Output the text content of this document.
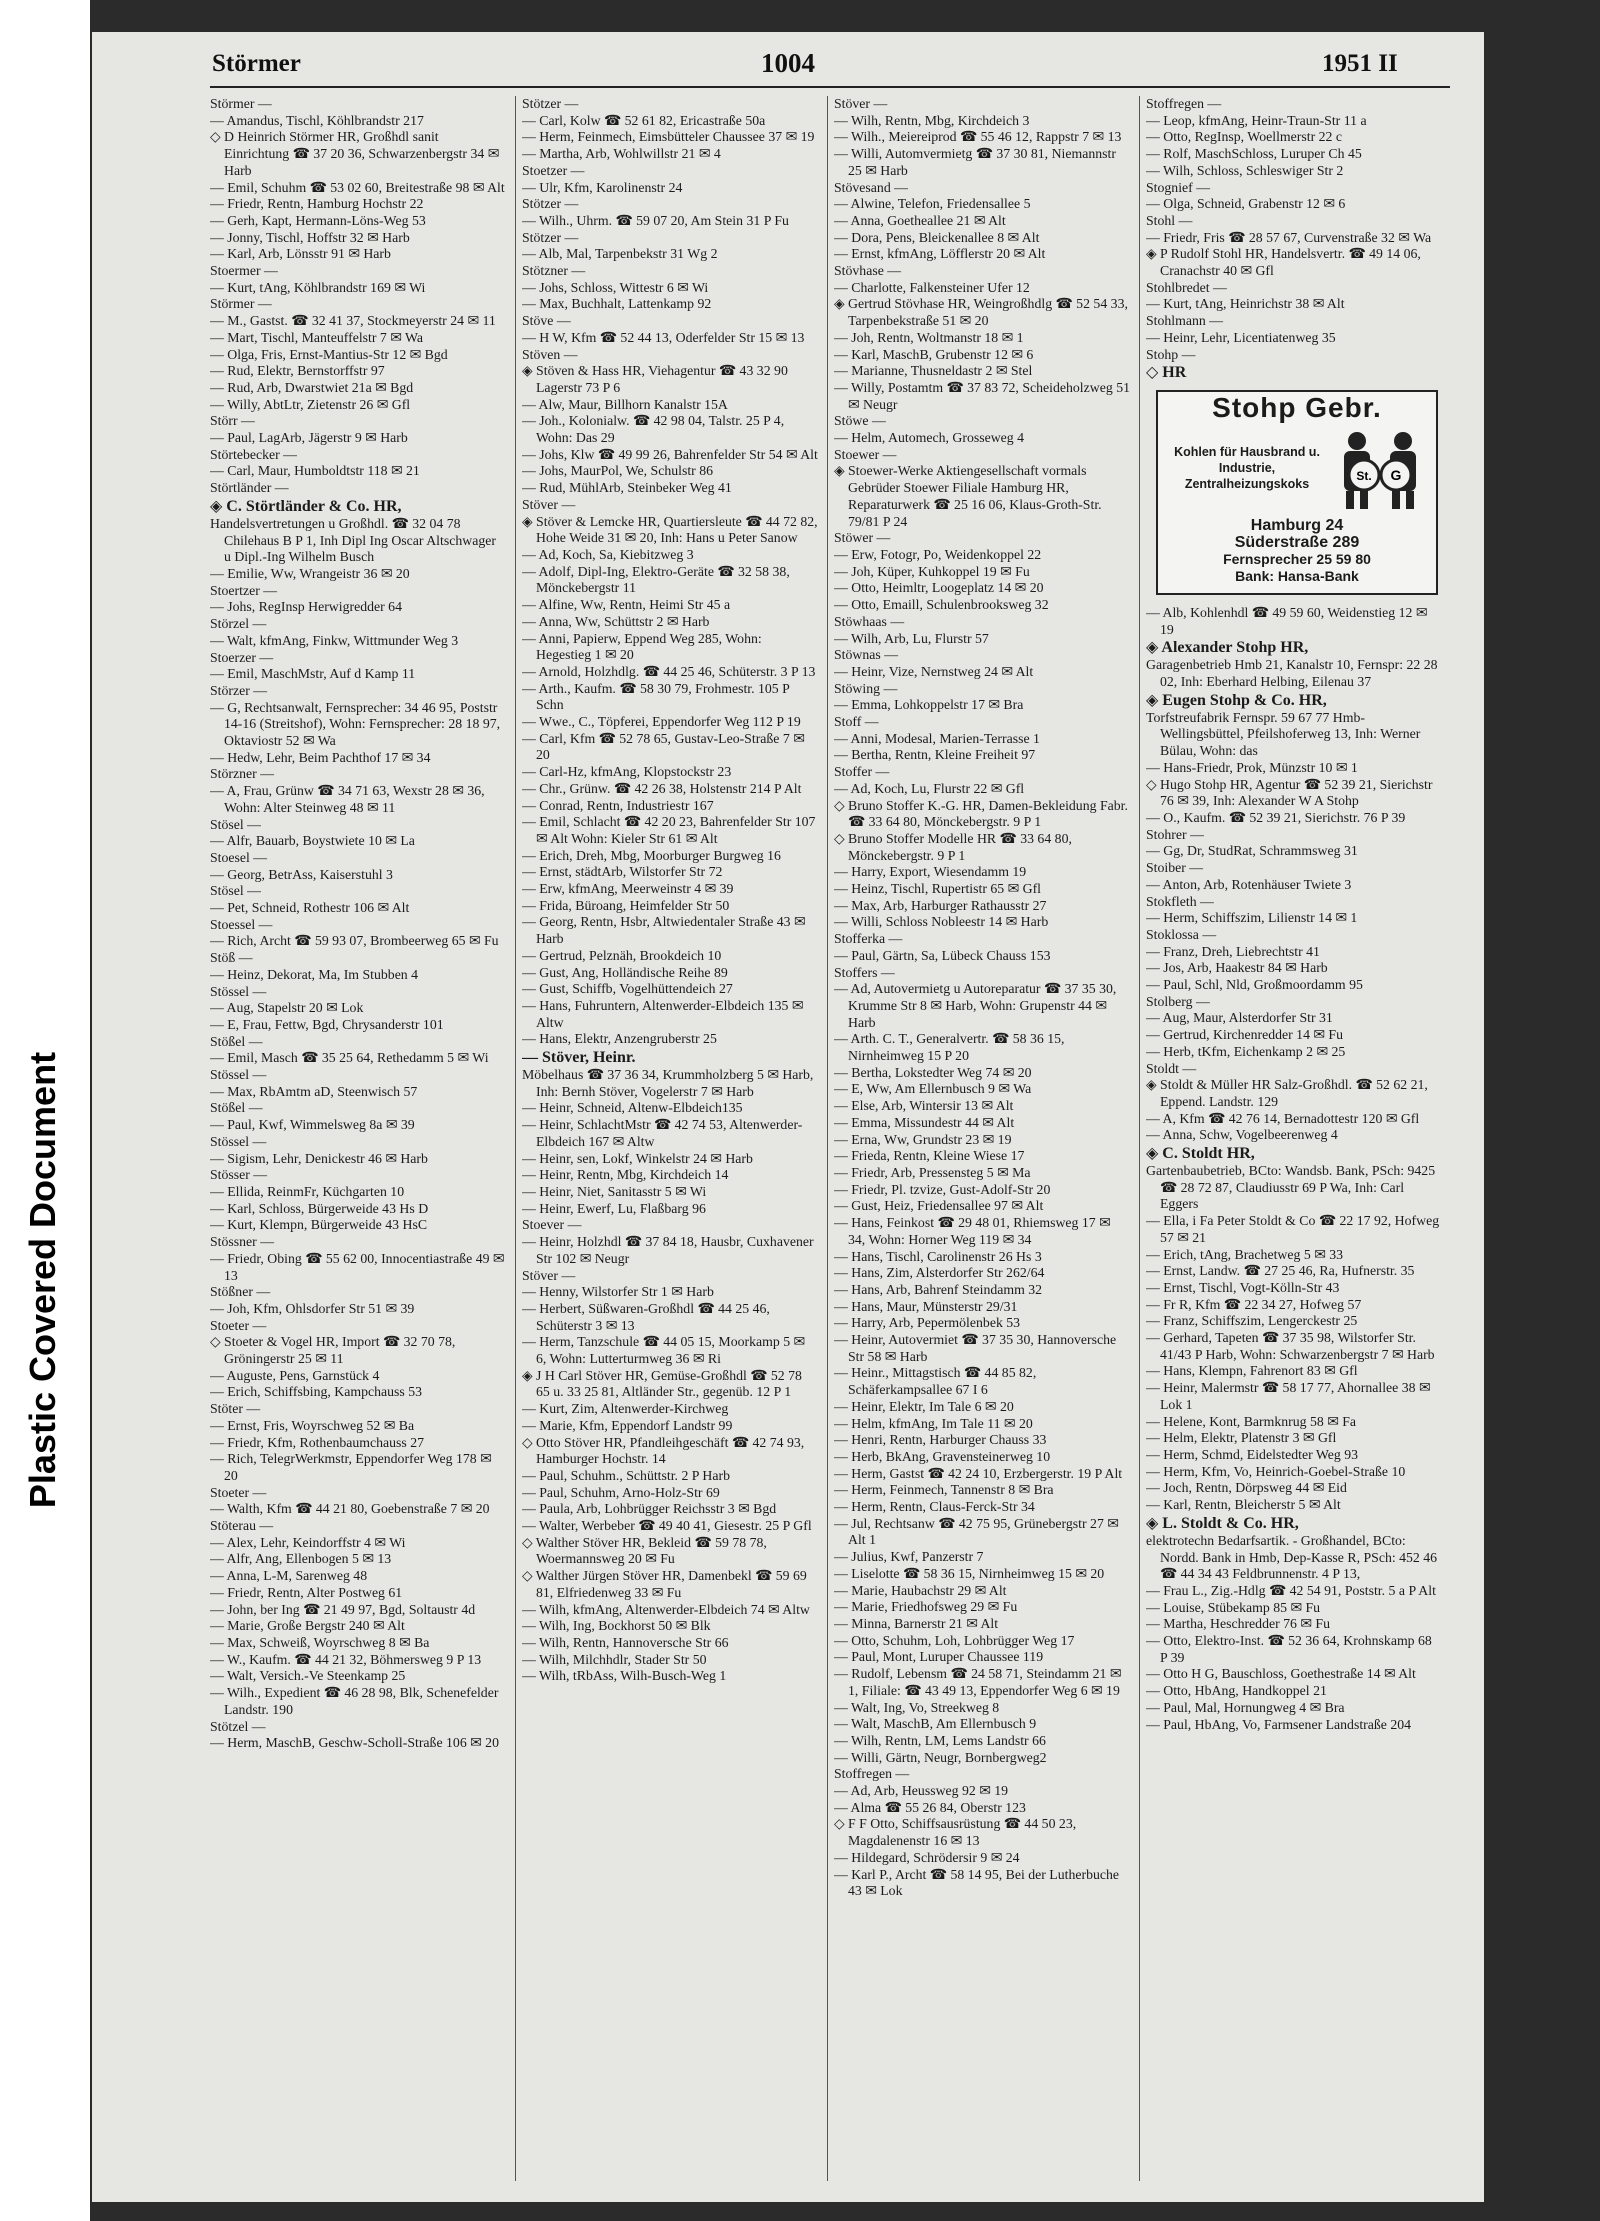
Plastic Covered Document
Störmer	1004	1951 II
Störmer —
— Amandus, Tischl, Köhlbrandstr 217
◇ D Heinrich Störmer HR, Großhdl sanit Einrichtung ☎ 37 20 36, Schwarzenbergstr 34 ✉ Harb
— Emil, Schuhm ☎ 53 02 60, Breitestraße 98 ✉ Alt
— Friedr, Rentn, Hamburg Hochstr 22
— Gerh, Kapt, Hermann-Löns-Weg 53
— Jonny, Tischl, Hoffstr 32 ✉ Harb
— Karl, Arb, Lönsstr 91 ✉ Harb
Stoermer —
— Kurt, tAng, Köhlbrandstr 169 ✉ Wi
Störmer —
— M., Gastst. ☎ 32 41 37, Stockmeyerstr 24 ✉ 11
— Mart, Tischl, Manteuffelstr 7 ✉ Wa
— Olga, Fris, Ernst-Mantius-Str 12 ✉ Bgd
— Rud, Elektr, Bernstorffstr 97
— Rud, Arb, Dwarstwiet 21a ✉ Bgd
— Willy, AbtLtr, Zietenstr 26 ✉ Gfl
Störr —
— Paul, LagArb, Jägerstr 9 ✉ Harb
Störtebecker —
— Carl, Maur, Humboldtstr 118 ✉ 21
Störtländer —
◈ C. Störtländer & Co. HR,
Handelsvertretungen u Großhdl. ☎ 32 04 78 Chilehaus B P 1, Inh Dipl Ing Oscar Altschwager u Dipl.-Ing Wilhelm Busch
— Emilie, Ww, Wrangeistr 36 ✉ 20
Stoertzer —
— Johs, RegInsp Herwigredder 64
Störzel —
— Walt, kfmAng, Finkw, Wittmunder Weg 3
Stoerzer —
— Emil, MaschMstr, Auf d Kamp 11
Störzer —
— G, Rechtsanwalt, Fernsprecher: 34 46 95, Poststr 14-16 (Streitshof), Wohn: Fernsprecher: 28 18 97, Oktaviostr 52 ✉ Wa
— Hedw, Lehr, Beim Pachthof 17 ✉ 34
Störzner —
— A, Frau, Grünw ☎ 34 71 63, Wexstr 28 ✉ 36, Wohn: Alter Steinweg 48 ✉ 11
Stösel —
— Alfr, Bauarb, Boystwiete 10 ✉ La
Stoesel —
— Georg, BetrAss, Kaiserstuhl 3
Stösel —
— Pet, Schneid, Rothestr 106 ✉ Alt
Stoessel —
— Rich, Archt ☎ 59 93 07, Brombeerweg 65 ✉ Fu
Stöß —
— Heinz, Dekorat, Ma, Im Stubben 4
Stössel —
— Aug, Stapelstr 20 ✉ Lok
— E, Frau, Fettw, Bgd, Chrysanderstr 101
Stößel —
— Emil, Masch ☎ 35 25 64, Rethedamm 5 ✉ Wi
Stössel —
— Max, RbAmtm aD, Steenwisch 57
Stößel —
— Paul, Kwf, Wimmelsweg 8a ✉ 39
Stössel —
— Sigism, Lehr, Denickestr 46 ✉ Harb
Stösser —
— Ellida, ReinmFr, Küchgarten 10
— Karl, Schloss, Bürgerweide 43 Hs D
— Kurt, Klempn, Bürgerweide 43 HsC
Stössner —
— Friedr, Obing ☎ 55 62 00, Innocentiastraße 49 ✉ 13
Stößner —
— Joh, Kfm, Ohlsdorfer Str 51 ✉ 39
Stoeter —
◇ Stoeter & Vogel HR, Import ☎ 32 70 78, Gröningerstr 25 ✉ 11
— Auguste, Pens, Garnstück 4
— Erich, Schiffsbing, Kampchauss 53
Stöter —
— Ernst, Fris, Woyrschweg 52 ✉ Ba
— Friedr, Kfm, Rothenbaumchauss 27
— Rich, TelegrWerkmstr, Eppendorfer Weg 178 ✉ 20
Stoeter —
— Walth, Kfm ☎ 44 21 80, Goebenstraße 7 ✉ 20
Stöterau —
— Alex, Lehr, Keindorffstr 4 ✉ Wi
— Alfr, Ang, Ellenbogen 5 ✉ 13
— Anna, L-M, Sarenweg 48
— Friedr, Rentn, Alter Postweg 61
— John, ber Ing ☎ 21 49 97, Bgd, Soltaustr 4d
— Marie, Große Bergstr 240 ✉ Alt
— Max, Schweiß, Woyrschweg 8 ✉ Ba
— W., Kaufm. ☎ 44 21 32, Böhmersweg 9 P 13
— Walt, Versich.-Ve Steenkamp 25
— Wilh., Expedient ☎ 46 28 98, Blk, Schenefelder Landstr. 190
Stötzel —
— Herm, MaschB, Geschw-Scholl-Straße 106 ✉ 20
Stötzer —
— Carl, Kolw ☎ 52 61 82, Ericastraße 50a
— Herm, Feinmech, Eimsbütteler Chaussee 37 ✉ 19
— Martha, Arb, Wohlwillstr 21 ✉ 4
Stoetzer —
— Ulr, Kfm, Karolinenstr 24
Stötzer —
— Wilh., Uhrm. ☎ 59 07 20, Am Stein 31 P Fu
Stötzer —
— Alb, Mal, Tarpenbekstr 31 Wg 2
Stötzner —
— Johs, Schloss, Wittestr 6 ✉ Wi
— Max, Buchhalt, Lattenkamp 92
Stöve —
— H W, Kfm ☎ 52 44 13, Oderfelder Str 15 ✉ 13
Stöven —
◈ Stöven & Hass HR, Viehagentur ☎ 43 32 90 Lagerstr 73 P 6
— Alw, Maur, Billhorn Kanalstr 15A
— Joh., Kolonialw. ☎ 42 98 04, Talstr. 25 P 4, Wohn: Das 29
— Johs, Klw ☎ 49 99 26, Bahrenfelder Str 54 ✉ Alt
— Johs, MaurPol, We, Schulstr 86
— Rud, MühlArb, Steinbeker Weg 41
Stöver —
◈ Stöver & Lemcke HR, Quartiersleute ☎ 44 72 82, Hohe Weide 31 ✉ 20, Inh: Hans u Peter Sanow
— Ad, Koch, Sa, Kiebitzweg 3
— Adolf, Dipl-Ing, Elektro-Geräte ☎ 32 58 38, Mönckebergstr 11
— Alfine, Ww, Rentn, Heimi Str 45 a
— Anna, Ww, Schüttstr 2 ✉ Harb
— Anni, Papierw, Eppend Weg 285, Wohn: Hegestieg 1 ✉ 20
— Arnold, Holzhdlg. ☎ 44 25 46, Schüterstr. 3 P 13
— Arth., Kaufm. ☎ 58 30 79, Frohmestr. 105 P Schn
— Wwe., C., Töpferei, Eppendorfer Weg 112 P 19
— Carl, Kfm ☎ 52 78 65, Gustav-Leo-Straße 7 ✉ 20
— Carl-Hz, kfmAng, Klopstockstr 23
— Chr., Grünw. ☎ 42 26 38, Holstenstr 214 P Alt
— Conrad, Rentn, Industriestr 167
— Emil, Schlacht ☎ 42 20 23, Bahrenfelder Str 107 ✉ Alt Wohn: Kieler Str 61 ✉ Alt
— Erich, Dreh, Mbg, Moorburger Burgweg 16
— Ernst, städtArb, Wilstorfer Str 72
— Erw, kfmAng, Meerweinstr 4 ✉ 39
— Frida, Büroang, Heimfelder Str 50
— Georg, Rentn, Hsbr, Altwiedentaler Straße 43 ✉ Harb
— Gertrud, Pelznäh, Brookdeich 10
— Gust, Ang, Holländische Reihe 89
— Gust, Schiffb, Vogelhüttendeich 27
— Hans, Fuhruntern, Altenwerder-Elbdeich 135 ✉ Altw
— Hans, Elektr, Anzengruberstr 25
— Stöver, Heinr.
Möbelhaus ☎ 37 36 34, Krummholzberg 5 ✉ Harb, Inh: Bernh Stöver, Vogelerstr 7 ✉ Harb
— Heinr, Schneid, Altenw-Elbdeich135
— Heinr, SchlachtMstr ☎ 42 74 53, Altenwerder-Elbdeich 167 ✉ Altw
— Heinr, sen, Lokf, Winkelstr 24 ✉ Harb
— Heinr, Rentn, Mbg, Kirchdeich 14
— Heinr, Niet, Sanitasstr 5 ✉ Wi
— Heinr, Ewerf, Lu, Flaßbarg 96
Stoever —
— Heinr, Holzhdl ☎ 37 84 18, Hausbr, Cuxhavener Str 102 ✉ Neugr
Stöver —
— Henny, Wilstorfer Str 1 ✉ Harb
— Herbert, Süßwaren-Großhdl ☎ 44 25 46, Schüterstr 3 ✉ 13
— Herm, Tanzschule ☎ 44 05 15, Moorkamp 5 ✉ 6, Wohn: Lutterturmweg 36 ✉ Ri
◈ J H Carl Stöver HR, Gemüse-Großhdl ☎ 52 78 65 u. 33 25 81, Altländer Str., gegenüb. 12 P 1
— Kurt, Zim, Altenwerder-Kirchweg
— Marie, Kfm, Eppendorf Landstr 99
◇ Otto Stöver HR, Pfandleihgeschäft ☎ 42 74 93, Hamburger Hochstr. 14
— Paul, Schuhm., Schüttstr. 2 P Harb
— Paul, Schuhm, Arno-Holz-Str 69
— Paula, Arb, Lohbrügger Reichsstr 3 ✉ Bgd
— Walter, Werbeber ☎ 49 40 41, Giesestr. 25 P Gfl
◇ Walther Stöver HR, Bekleid ☎ 59 78 78, Woermannsweg 20 ✉ Fu
◇ Walther Jürgen Stöver HR, Damenbekl ☎ 59 69 81, Elfriedenweg 33 ✉ Fu
— Wilh, kfmAng, Altenwerder-Elbdeich 74 ✉ Altw
— Wilh, Ing, Bockhorst 50 ✉ Blk
— Wilh, Rentn, Hannoversche Str 66
— Wilh, Milchhdlr, Stader Str 50
— Wilh, tRbAss, Wilh-Busch-Weg 1
Stöver —
— Wilh, Rentn, Mbg, Kirchdeich 3
— Wilh., Meiereiprod ☎ 55 46 12, Rappstr 7 ✉ 13
— Willi, Automvermietg ☎ 37 30 81, Niemannstr 25 ✉ Harb
Stövesand —
— Alwine, Telefon, Friedensallee 5
— Anna, Goetheallee 21 ✉ Alt
— Dora, Pens, Bleickenallee 8 ✉ Alt
— Ernst, kfmAng, Löfflerstr 20 ✉ Alt
Stövhase —
— Charlotte, Falkensteiner Ufer 12
◈ Gertrud Stövhase HR, Weingroßhdlg ☎ 52 54 33, Tarpenbekstraße 51 ✉ 20
— Joh, Rentn, Woltmanstr 18 ✉ 1
— Karl, MaschB, Grubenstr 12 ✉ 6
— Marianne, Thusneldastr 2 ✉ Stel
— Willy, Postamtm ☎ 37 83 72, Scheideholzweg 51 ✉ Neugr
Stöwe —
— Helm, Automech, Grosseweg 4
Stoewer —
◈ Stoewer-Werke Aktiengesellschaft vormals Gebrüder Stoewer Filiale Hamburg HR, Reparaturwerk ☎ 25 16 06, Klaus-Groth-Str. 79/81 P 24
Stöwer —
— Erw, Fotogr, Po, Weidenkoppel 22
— Joh, Küper, Kuhkoppel 19 ✉ Fu
— Otto, Heimltr, Loogeplatz 14 ✉ 20
— Otto, Emaill, Schulenbrooksweg 32
Stöwhaas —
— Wilh, Arb, Lu, Flurstr 57
Stöwnas —
— Heinr, Vize, Nernstweg 24 ✉ Alt
Stöwing —
— Emma, Lohkoppelstr 17 ✉ Bra
Stoff —
— Anni, Modesal, Marien-Terrasse 1
— Bertha, Rentn, Kleine Freiheit 97
Stoffer —
— Ad, Koch, Lu, Flurstr 22 ✉ Gfl
◇ Bruno Stoffer K.-G. HR, Damen-Bekleidung Fabr. ☎ 33 64 80, Mönckebergstr. 9 P 1
◇ Bruno Stoffer Modelle HR ☎ 33 64 80, Mönckebergstr. 9 P 1
— Harry, Export, Wiesendamm 19
— Heinz, Tischl, Rupertistr 65 ✉ Gfl
— Max, Arb, Harburger Rathausstr 27
— Willi, Schloss Nobleestr 14 ✉ Harb
Stofferka —
— Paul, Gärtn, Sa, Lübeck Chauss 153
Stoffers —
— Ad, Autovermietg u Autoreparatur ☎ 37 35 30, Krumme Str 8 ✉ Harb, Wohn: Grupenstr 44 ✉ Harb
— Arth. C. T., Generalvertr. ☎ 58 36 15, Nirnheimweg 15 P 20
— Bertha, Lokstedter Weg 74 ✉ 20
— E, Ww, Am Ellernbusch 9 ✉ Wa
— Else, Arb, Wintersir 13 ✉ Alt
— Emma, Missundestr 44 ✉ Alt
— Erna, Ww, Grundstr 23 ✉ 19
— Frieda, Rentn, Kleine Wiese 17
— Friedr, Arb, Pressensteg 5 ✉ Ma
— Friedr, Pl. tzvize, Gust-Adolf-Str 20
— Gust, Heiz, Friedensallee 97 ✉ Alt
— Hans, Feinkost ☎ 29 48 01, Rhiemsweg 17 ✉ 34, Wohn: Horner Weg 119 ✉ 34
— Hans, Tischl, Carolinenstr 26 Hs 3
— Hans, Zim, Alsterdorfer Str 262/64
— Hans, Arb, Bahrenf Steindamm 32
— Hans, Maur, Münsterstr 29/31
— Harry, Arb, Pepermölenbek 53
— Heinr, Autovermiet ☎ 37 35 30, Hannoversche Str 58 ✉ Harb
— Heinr., Mittagstisch ☎ 44 85 82, Schäferkampsallee 67 I 6
— Heinr, Elektr, Im Tale 6 ✉ 20
— Helm, kfmAng, Im Tale 11 ✉ 20
— Henri, Rentn, Harburger Chauss 33
— Herb, BkAng, Gravensteinerweg 10
— Herm, Gastst ☎ 42 24 10, Erzbergerstr. 19 P Alt
— Herm, Feinmech, Tannenstr 8 ✉ Bra
— Herm, Rentn, Claus-Ferck-Str 34
— Jul, Rechtsanw ☎ 42 75 95, Grünebergstr 27 ✉ Alt 1
— Julius, Kwf, Panzerstr 7
— Liselotte ☎ 58 36 15, Nirnheimweg 15 ✉ 20
— Marie, Haubachstr 29 ✉ Alt
— Marie, Friedhofsweg 29 ✉ Fu
— Minna, Barnerstr 21 ✉ Alt
— Otto, Schuhm, Loh, Lohbrügger Weg 17
— Paul, Mont, Luruper Chaussee 119
— Rudolf, Lebensm ☎ 24 58 71, Steindamm 21 ✉ 1, Filiale: ☎ 43 49 13, Eppendorfer Weg 6 ✉ 19
— Walt, Ing, Vo, Streekweg 8
— Walt, MaschB, Am Ellernbusch 9
— Wilh, Rentn, LM, Lems Landstr 66
— Willi, Gärtn, Neugr, Bornbergweg2
Stoffregen —
— Ad, Arb, Heussweg 92 ✉ 19
— Alma ☎ 55 26 84, Oberstr 123
◇ F F Otto, Schiffsausrüstung ☎ 44 50 23, Magdalenenstr 16 ✉ 13
— Hildegard, Schrödersir 9 ✉ 24
— Karl P., Archt ☎ 58 14 95, Bei der Lutherbuche 43 ✉ Lok
Stoffregen —
— Leop, kfmAng, Heinr-Traun-Str 11 a
— Otto, RegInsp, Woellmerstr 22 c
— Rolf, MaschSchloss, Luruper Ch 45
— Wilh, Schloss, Schleswiger Str 2
Stognief —
— Olga, Schneid, Grabenstr 12 ✉ 6
Stohl —
— Friedr, Fris ☎ 28 57 67, Curvenstraße 32 ✉ Wa
◈ P Rudolf Stohl HR, Handelsvertr. ☎ 49 14 06, Cranachstr 40 ✉ Gfl
Stohlbredet —
— Kurt, tAng, Heinrichstr 38 ✉ Alt
Stohlmann —
— Heinr, Lehr, Licentiatenweg 35
Stohp —
◇ HR
Stohp Gebr.
Kohlen für Hausbrand u. Industrie, Zentralheizungskoks
St. G
Hamburg 24
Süderstraße 289
Fernsprecher 25 59 80
Bank: Hansa-Bank
— Alb, Kohlenhdl ☎ 49 59 60, Weidenstieg 12 ✉ 19
◈ Alexander Stohp HR,
Garagenbetrieb Hmb 21, Kanalstr 10, Fernspr: 22 28 02, Inh: Eberhard Helbing, Eilenau 37
◈ Eugen Stohp & Co. HR,
Torfstreufabrik Fernspr. 59 67 77 Hmb-Wellingsbüttel, Pfeilshoferweg 13, Inh: Werner Bülau, Wohn: das
— Hans-Friedr, Prok, Münzstr 10 ✉ 1
◇ Hugo Stohp HR, Agentur ☎ 52 39 21, Sierichstr 76 ✉ 39, Inh: Alexander W A Stohp
— O., Kaufm. ☎ 52 39 21, Sierichstr. 76 P 39
Stohrer —
— Gg, Dr, StudRat, Schrammsweg 31
Stoiber —
— Anton, Arb, Rotenhäuser Twiete 3
Stokfleth —
— Herm, Schiffszim, Lilienstr 14 ✉ 1
Stoklossa —
— Franz, Dreh, Liebrechtstr 41
— Jos, Arb, Haakestr 84 ✉ Harb
— Paul, Schl, Nld, Großmoordamm 95
Stolberg —
— Aug, Maur, Alsterdorfer Str 31
— Gertrud, Kirchenredder 14 ✉ Fu
— Herb, tKfm, Eichenkamp 2 ✉ 25
Stoldt —
◈ Stoldt & Müller HR Salz-Großhdl. ☎ 52 62 21, Eppend. Landstr. 129
— A, Kfm ☎ 42 76 14, Bernadottestr 120 ✉ Gfl
— Anna, Schw, Vogelbeerenweg 4
◈ C. Stoldt HR,
Gartenbaubetrieb, BCto: Wandsb. Bank, PSch: 9425 ☎ 28 72 87, Claudiusstr 69 P Wa, Inh: Carl Eggers
— Ella, i Fa Peter Stoldt & Co ☎ 22 17 92, Hofweg 57 ✉ 21
— Erich, tAng, Brachetweg 5 ✉ 33
— Ernst, Landw. ☎ 27 25 46, Ra, Hufnerstr. 35
— Ernst, Tischl, Vogt-Kölln-Str 43
— Fr R, Kfm ☎ 22 34 27, Hofweg 57
— Franz, Schiffszim, Lengerckestr 25
— Gerhard, Tapeten ☎ 37 35 98, Wilstorfer Str. 41/43 P Harb, Wohn: Schwarzenbergstr 7 ✉ Harb
— Hans, Klempn, Fahrenort 83 ✉ Gfl
— Heinr, Malermstr ☎ 58 17 77, Ahornallee 38 ✉ Lok 1
— Helene, Kont, Barmknrug 58 ✉ Fa
— Helm, Elektr, Platenstr 3 ✉ Gfl
— Herm, Schmd, Eidelstedter Weg 93
— Herm, Kfm, Vo, Heinrich-Goebel-Straße 10
— Joch, Rentn, Dörpsweg 44 ✉ Eid
— Karl, Rentn, Bleicherstr 5 ✉ Alt
◈ L. Stoldt & Co. HR,
elektrotechn Bedarfsartik. - Großhandel, BCto: Nordd. Bank in Hmb, Dep-Kasse R, PSch: 452 46 ☎ 44 34 43 Feldbrunnenstr. 4 P 13,
— Frau L., Zig.-Hdlg ☎ 42 54 91, Poststr. 5 a P Alt
— Louise, Stübekamp 85 ✉ Fu
— Martha, Heschredder 76 ✉ Fu
— Otto, Elektro-Inst. ☎ 52 36 64, Krohnskamp 68 P 39
— Otto H G, Bauschloss, Goethestraße 14 ✉ Alt
— Otto, HbAng, Handkoppel 21
— Paul, Mal, Hornungweg 4 ✉ Bra
— Paul, HbAng, Vo, Farmsener Landstraße 204
